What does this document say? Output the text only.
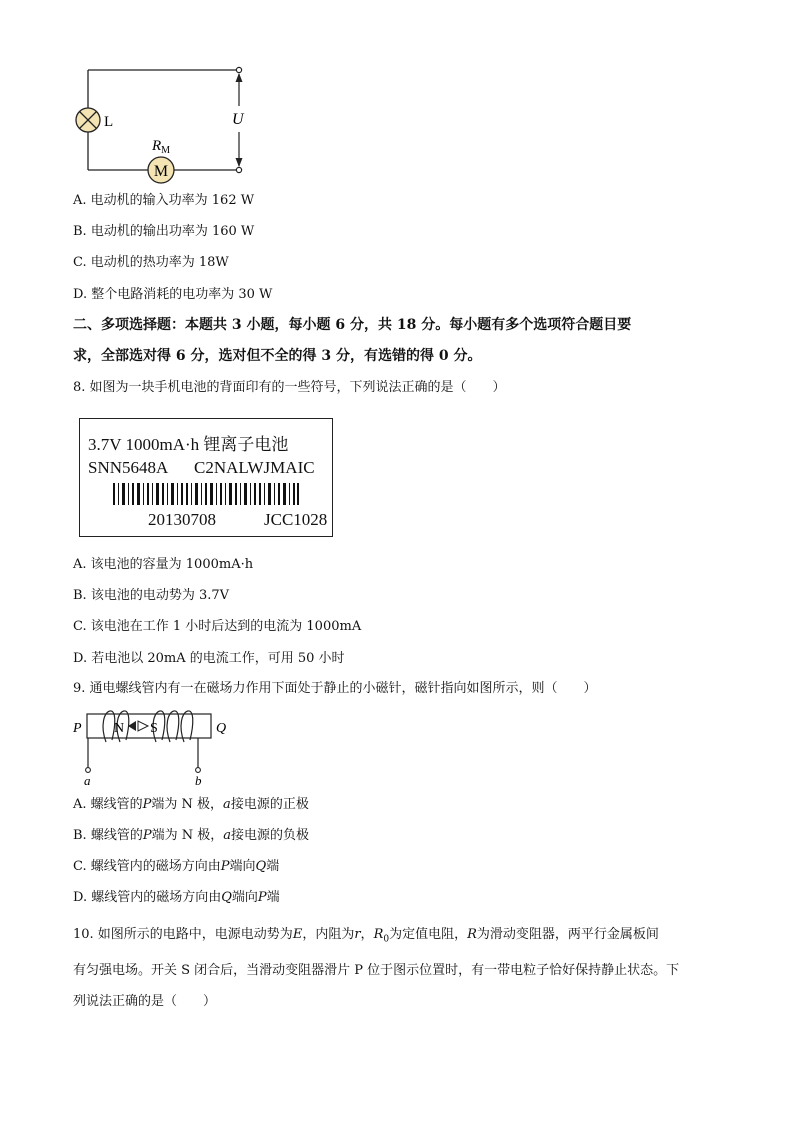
L
M
$R_M$
U
A. 电动机的输入功率为 162 W
B. 电动机的输出功率为 160 W
C. 电动机的热功率为 18W
D. 整个电路消耗的电功率为 30 W
二、多项选择题：本题共 3 小题，每小题 6 分，共 18 分。每小题有多个选项符合题目要
求，全部选对得 6 分，选对但不全的得 3 分，有选错的得 0 分。
8. 如图为一块手机电池的背面印有的一些符号，下列说法正确的是（　　）
3.7V 1000mA·h 锂离子电池
SNN5648A C2NALWJMAIC
20130708	JCC1028
A. 该电池的容量为 1000mA·h
B. 该电池的电动势为 3.7V
C. 该电池在工作 1 小时后达到的电流为 1000mA
D. 若电池以 20mA 的电流工作，可用 50 小时
9. 通电螺线管内有一在磁场力作用下面处于静止的小磁针，磁针指向如图所示，则（　　）
N S
P	Q
a	b
A. 螺线管的P端为 N 极，a接电源的正极
B. 螺线管的P端为 N 极，a接电源的负极
C. 螺线管内的磁场方向由P端向Q端
D. 螺线管内的磁场方向由Q端向P端
10. 如图所示的电路中，电源电动势为E，内阻为r，$R_0$为定值电阻，R为滑动变阻器，两平行金属板间
有匀强电场。开关 S 闭合后，当滑动变阻器滑片 P 位于图示位置时，有一带电粒子恰好保持静止状态。下
列说法正确的是（　　）
